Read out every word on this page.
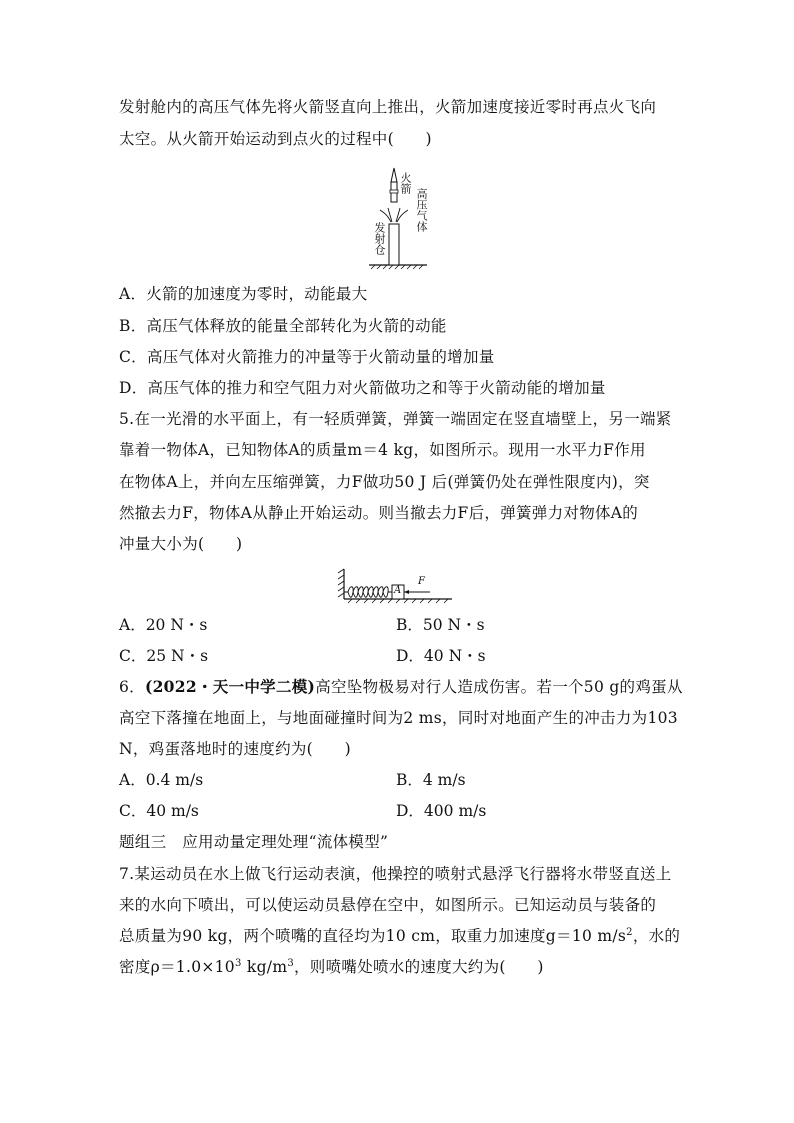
发射舱内的高压气体先将火箭竖直向上推出，火箭加速度接近零时再点火飞向
太空。从火箭开始运动到点火的过程中(　　)
火箭
高压气体
发射仓
A．火箭的加速度为零时，动能最大
B．高压气体释放的能量全部转化为火箭的动能
C．高压气体对火箭推力的冲量等于火箭动量的增加量
D．高压气体的推力和空气阻力对火箭做功之和等于火箭动能的增加量
5.在一光滑的水平面上，有一轻质弹簧，弹簧一端固定在竖直墙壁上，另一端紧
靠着一物体A，已知物体A的质量m＝4 kg，如图所示。现用一水平力F作用
在物体A上，并向左压缩弹簧，力F做功50 J 后(弹簧仍处在弹性限度内)，突
然撤去力F，物体A从静止开始运动。则当撤去力F后，弹簧弹力对物体A的
冲量大小为(　　)
A
F
A．20 N・s	B．50 N・s
C．25 N・s	D．40 N・s
6．(2022・天一中学二模)高空坠物极易对行人造成伤害。若一个50 g的鸡蛋从
高空下落撞在地面上，与地面碰撞时间为2 ms，同时对地面产生的冲击力为103
N，鸡蛋落地时的速度约为(　　)
A．0.4 m/s	B．4 m/s
C．40 m/s	D．400 m/s
题组三　应用动量定理处理“流体模型”
7.某运动员在水上做飞行运动表演，他操控的喷射式悬浮飞行器将水带竖直送上
来的水向下喷出，可以使运动员悬停在空中，如图所示。已知运动员与装备的
总质量为90 kg，两个喷嘴的直径均为10 cm，取重力加速度g＝10 $m/s^2$，水的
密度$\rho=1.0\times 10^3$ $kg/m^3$，则喷嘴处喷水的速度大约为(　　)
